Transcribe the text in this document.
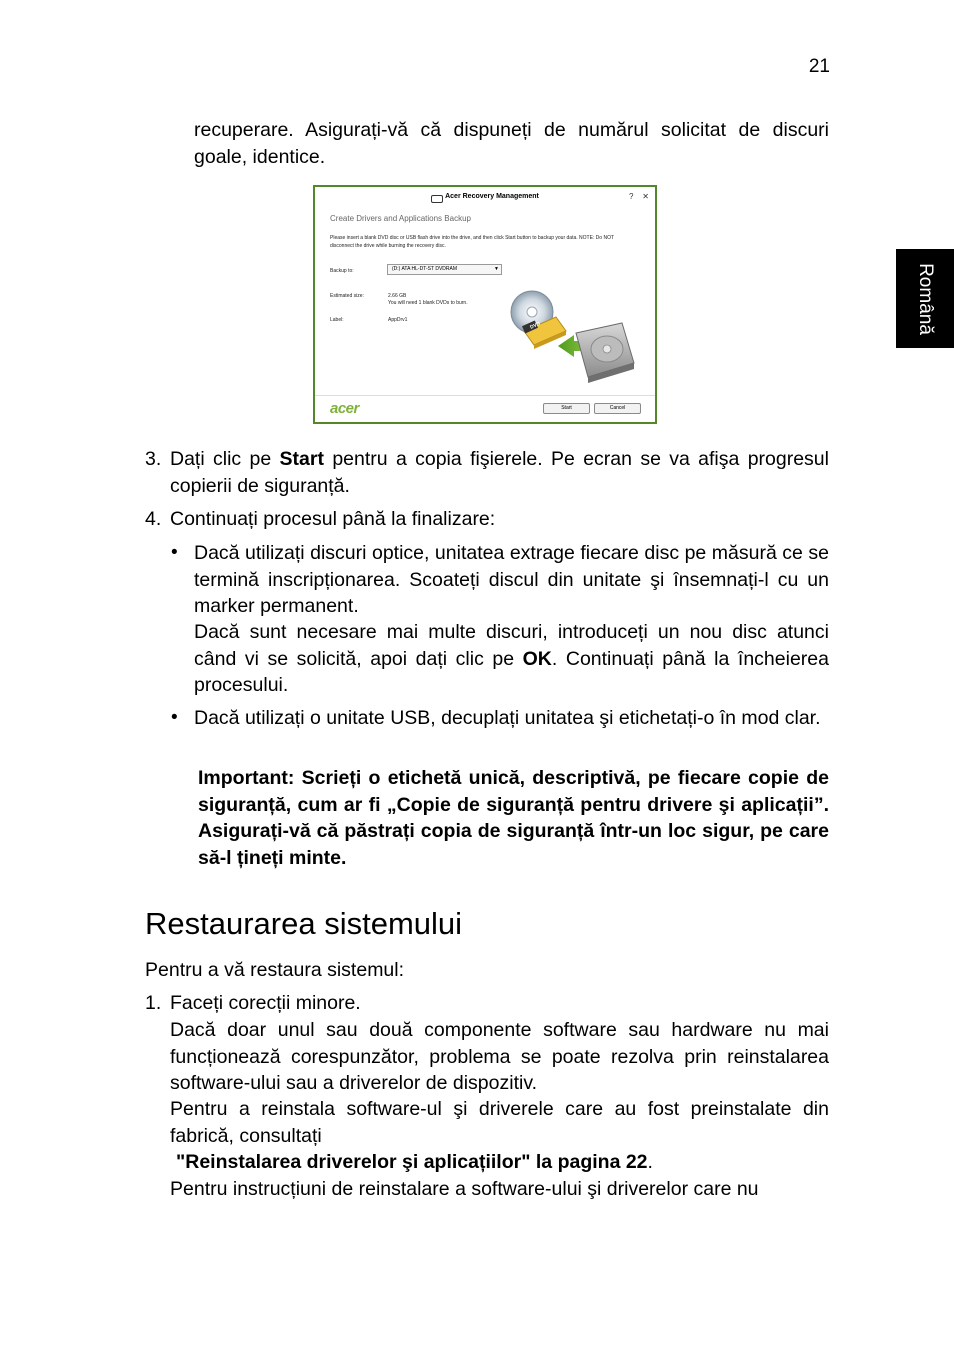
21
Română

recuperare. Asigurați-vă că dispuneți de numărul solicitat de discuri goale, identice.

Acer Recovery Management	? ✕
Create Drivers and Applications Backup
Please insert a blank DVD disc or USB flash drive into the drive, and then click Start button to backup your data. NOTE: Do NOT disconnect the drive while burning the recovery disc.
Backup to:	(D:) ATA HL-DT-ST DVDRAM	▼
Estimated size:	2.66 GB
You will need 1 blank DVDs to burn.
Label:	AppDrv1
DVD
acer	Start	Cancel
3. Dați clic pe Start pentru a copia fişierele. Pe ecran se va afişa progresul copierii de siguranță.

4. Continuați procesul până la finalizare:

• Dacă utilizați discuri optice, unitatea extrage fiecare disc pe măsură ce se termină inscripționarea. Scoateți discul din unitate şi însemnați-l cu un marker permanent.

Dacă sunt necesare mai multe discuri, introduceți un nou disc atunci când vi se solicită, apoi dați clic pe OK. Continuați până la încheierea procesului.

• Dacă utilizați o unitate USB, decuplați unitatea şi etichetați-o în mod clar.

Important: Scrieți o etichetă unică, descriptivă, pe fiecare copie de siguranță, cum ar fi „Copie de siguranță pentru drivere şi aplicații”. Asigurați-vă că păstrați copia de siguranță într-un loc sigur, pe care să-l țineți minte.

Restaurarea sistemului

Pentru a vă restaura sistemul:

1. Faceți corecții minore.

Dacă doar unul sau două componente software sau hardware nu mai funcționează corespunzător, problema se poate rezolva prin reinstalarea software-ului sau a driverelor de dispozitiv.

Pentru a reinstala software-ul şi driverele care au fost preinstalate din fabrică, consultați

"Reinstalarea driverelor şi aplicațiilor" la pagina 22.

Pentru instrucțiuni de reinstalare a software-ului şi driverelor care nu
